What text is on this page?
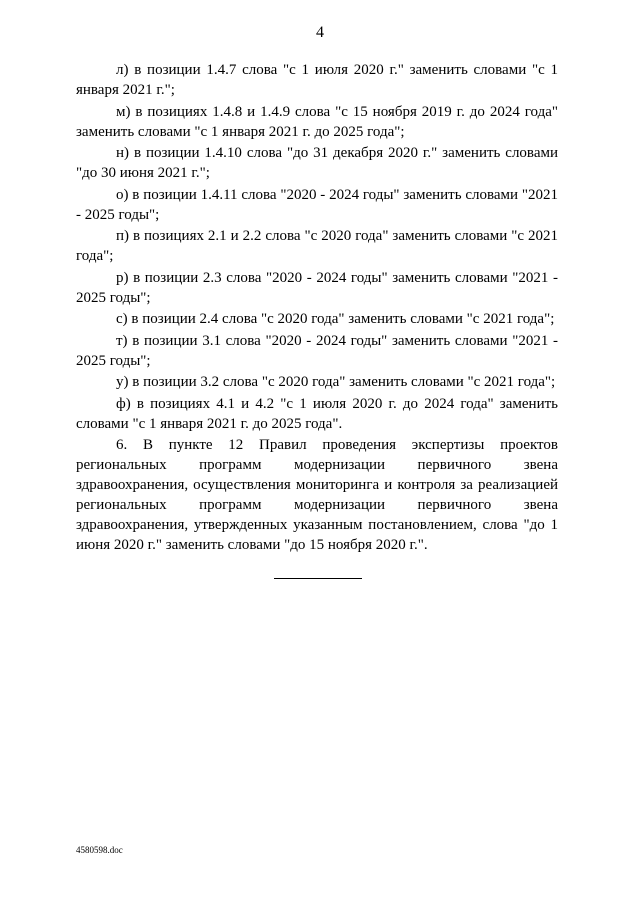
4

л) в позиции 1.4.7 слова "с 1 июля 2020 г." заменить словами "с 1 января 2021 г.";

м) в позициях 1.4.8 и 1.4.9 слова "с 15 ноября 2019 г. до 2024 года" заменить словами "с 1 января 2021 г. до 2025 года";

н) в позиции 1.4.10 слова "до 31 декабря 2020 г." заменить словами "до 30 июня 2021 г.";

о) в позиции 1.4.11 слова "2020 - 2024 годы" заменить словами "2021 - 2025 годы";

п) в позициях 2.1 и 2.2 слова "с 2020 года" заменить словами "с 2021 года";

р) в позиции 2.3 слова "2020 - 2024 годы" заменить словами "2021 - 2025 годы";

с) в позиции 2.4 слова "с 2020 года" заменить словами "с 2021 года";

т) в позиции 3.1 слова "2020 - 2024 годы" заменить словами "2021 - 2025 годы";

у) в позиции 3.2 слова "с 2020 года" заменить словами "с 2021 года";

ф) в позициях 4.1 и 4.2 "с 1 июля 2020 г. до 2024 года" заменить словами "с 1 января 2021 г. до 2025 года".

6. В пункте 12 Правил проведения экспертизы проектов региональных программ модернизации первичного звена здравоохранения, осуществления мониторинга и контроля за реализацией региональных программ модернизации первичного звена здравоохранения, утвержденных указанным постановлением, слова "до 1 июня 2020 г." заменить словами "до 15 ноября 2020 г.".

4580598.doc
